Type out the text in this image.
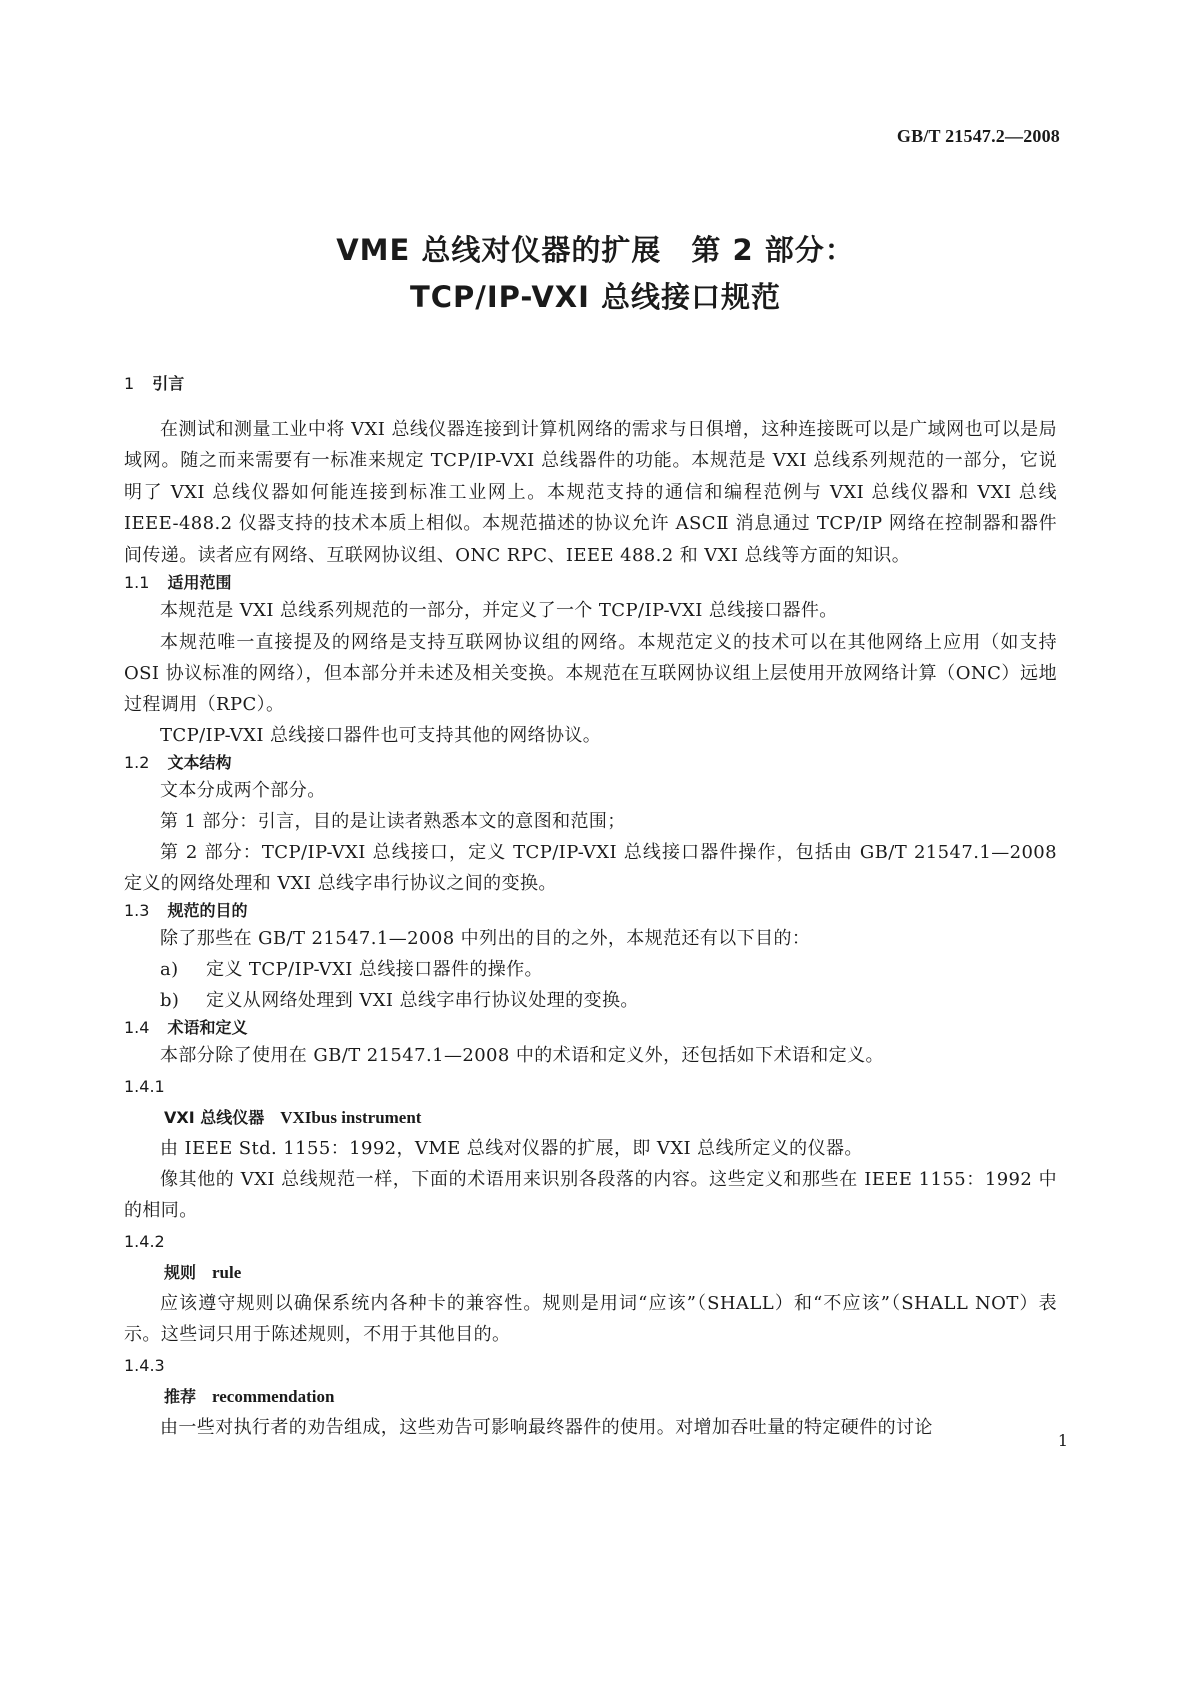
GB/T 21547.2—2008
VME 总线对仪器的扩展　第 2 部分：
TCP/IP-VXI 总线接口规范
1 引言

在测试和测量工业中将 VXI 总线仪器连接到计算机网络的需求与日俱增，这种连接既可以是广域网也可以是局域网。随之而来需要有一标准来规定 TCP/IP-VXI 总线器件的功能。本规范是 VXI 总线系列规范的一部分，它说明了 VXI 总线仪器如何能连接到标准工业网上。本规范支持的通信和编程范例与 VXI 总线仪器和 VXI 总线 IEEE-488.2 仪器支持的技术本质上相似。本规范描述的协议允许 ASCⅡ 消息通过 TCP/IP 网络在控制器和器件间传递。读者应有网络、互联网协议组、ONC RPC、IEEE 488.2 和 VXI 总线等方面的知识。

1.1 适用范围

本规范是 VXI 总线系列规范的一部分，并定义了一个 TCP/IP-VXI 总线接口器件。

本规范唯一直接提及的网络是支持互联网协议组的网络。本规范定义的技术可以在其他网络上应用（如支持 OSI 协议标准的网络），但本部分并未述及相关变换。本规范在互联网协议组上层使用开放网络计算（ONC）远地过程调用（RPC）。

TCP/IP-VXI 总线接口器件也可支持其他的网络协议。

1.2 文本结构

文本分成两个部分。

第 1 部分：引言，目的是让读者熟悉本文的意图和范围；

第 2 部分：TCP/IP-VXI 总线接口，定义 TCP/IP-VXI 总线接口器件操作，包括由 GB/T 21547.1—2008 定义的网络处理和 VXI 总线字串行协议之间的变换。

1.3 规范的目的

除了那些在 GB/T 21547.1—2008 中列出的目的之外，本规范还有以下目的：

a) 定义 TCP/IP-VXI 总线接口器件的操作。

b) 定义从网络处理到 VXI 总线字串行协议处理的变换。

1.4 术语和定义

本部分除了使用在 GB/T 21547.1—2008 中的术语和定义外，还包括如下术语和定义。

1.4.1
VXI 总线仪器 VXIbus instrument

由 IEEE Std. 1155：1992，VME 总线对仪器的扩展，即 VXI 总线所定义的仪器。

像其他的 VXI 总线规范一样，下面的术语用来识别各段落的内容。这些定义和那些在 IEEE 1155：1992 中的相同。

1.4.2
规则 rule

应该遵守规则以确保系统内各种卡的兼容性。规则是用词“应该”（SHALL）和“不应该”（SHALL NOT）表示。这些词只用于陈述规则，不用于其他目的。

1.4.3
推荐 recommendation

由一些对执行者的劝告组成，这些劝告可影响最终器件的使用。对增加吞吐量的特定硬件的讨论

1
